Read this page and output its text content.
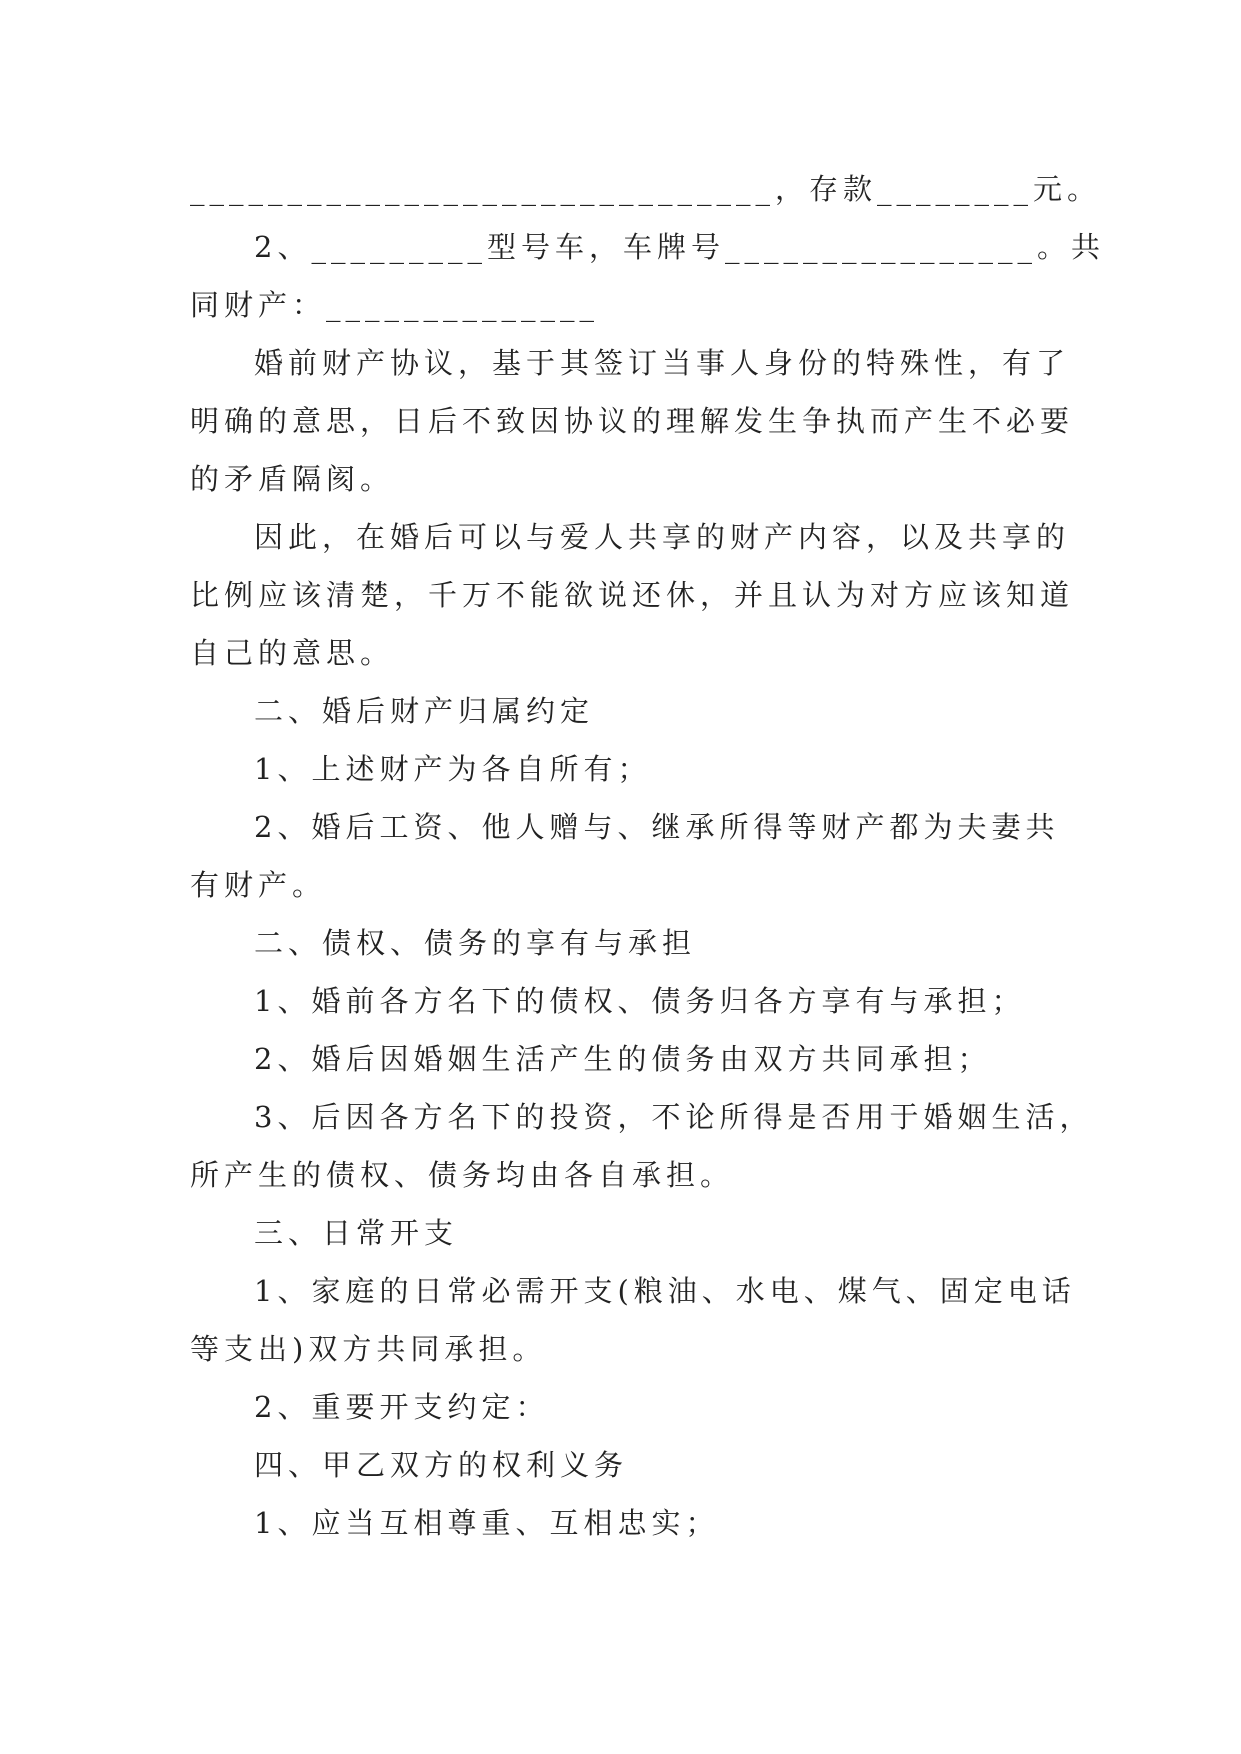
______________________________，存款________元。
2、_________型号车，车牌号________________。共
同财产：______________
婚前财产协议，基于其签订当事人身份的特殊性，有了
明确的意思，日后不致因协议的理解发生争执而产生不必要
的矛盾隔阂。
因此，在婚后可以与爱人共享的财产内容，以及共享的
比例应该清楚，千万不能欲说还休，并且认为对方应该知道
自己的意思。
二、婚后财产归属约定
1、上述财产为各自所有；
2、婚后工资、他人赠与、继承所得等财产都为夫妻共
有财产。
二、债权、债务的享有与承担
1、婚前各方名下的债权、债务归各方享有与承担；
2、婚后因婚姻生活产生的债务由双方共同承担；
3、后因各方名下的投资，不论所得是否用于婚姻生活，
所产生的债权、债务均由各自承担。
三、日常开支
1、家庭的日常必需开支(粮油、水电、煤气、固定电话
等支出)双方共同承担。
2、重要开支约定：
四、甲乙双方的权利义务
1、应当互相尊重、互相忠实；
